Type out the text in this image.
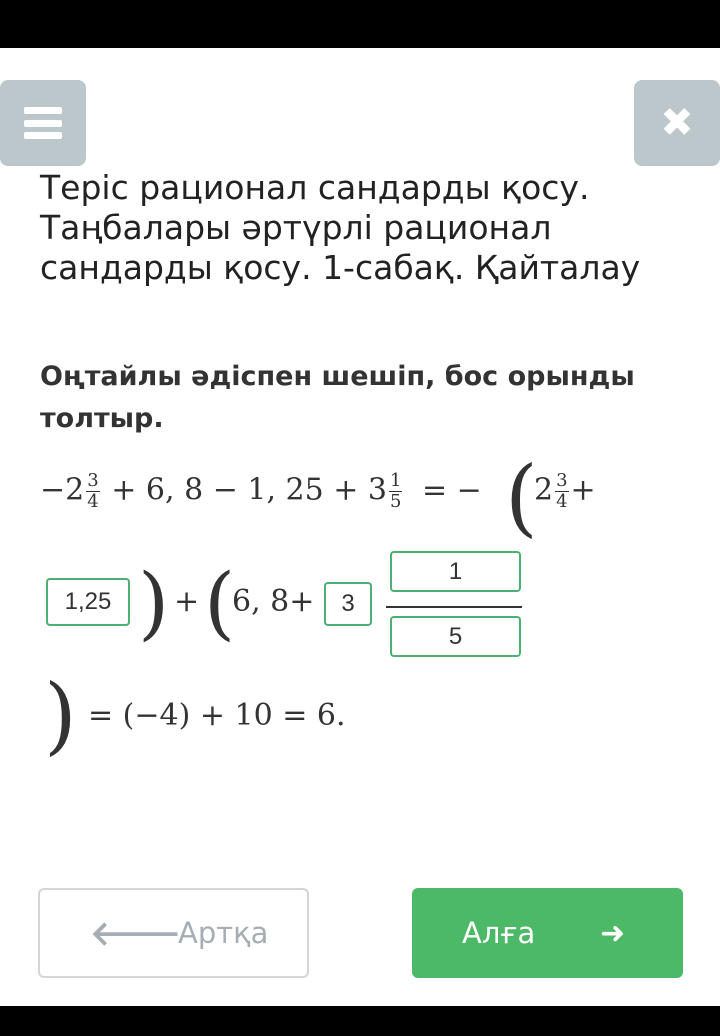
✖
Теріс рационал сандарды қосу. Таңбалары әртүрлі рационал сандарды қосу. 1-сабақ. Қайталау
Оңтайлы әдіспен шешіп, бос орынды толтыр.
$-2 \frac{3}{4} + 6$, 8 − 1, $25 + 3 \frac{1}{5}$ = − (
$2 \frac{3}{4}$ +
1,25 ) + (
6, 8+	3
1
5
) = (−4) + 10 = 6.
🡐
Артқа	Алға ➜
